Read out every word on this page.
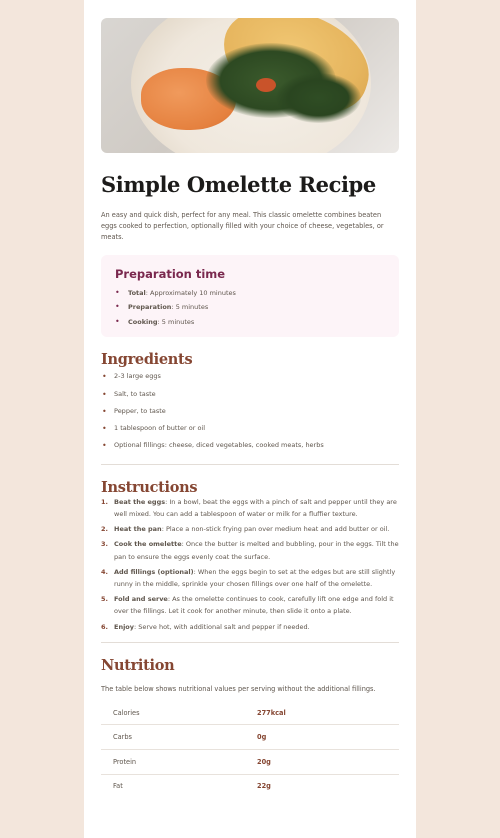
Simple Omelette Recipe

An easy and quick dish, perfect for any meal. This classic omelette combines beaten eggs cooked to perfection, optionally filled with your choice of cheese, vegetables, or meats.

Preparation time
• Total: Approximately 10 minutes
• Preparation: 5 minutes
• Cooking: 5 minutes
Ingredients
• 2-3 large eggs
• Salt, to taste
• Pepper, to taste
• 1 tablespoon of butter or oil
• Optional fillings: cheese, diced vegetables, cooked meats, herbs
Instructions
1. Beat the eggs: In a bowl, beat the eggs with a pinch of salt and pepper until they are well mixed. You can add a tablespoon of water or milk for a fluffier texture.
2. Heat the pan: Place a non-stick frying pan over medium heat and add butter or oil.
3. Cook the omelette: Once the butter is melted and bubbling, pour in the eggs. Tilt the pan to ensure the eggs evenly coat the surface.
4. Add fillings (optional): When the eggs begin to set at the edges but are still slightly runny in the middle, sprinkle your chosen fillings over one half of the omelette.
5. Fold and serve: As the omelette continues to cook, carefully lift one edge and fold it over the fillings. Let it cook for another minute, then slide it onto a plate.
6. Enjoy: Serve hot, with additional salt and pepper if needed.
Nutrition

The table below shows nutritional values per serving without the additional fillings.

Calories	277kcal
Carbs	0g
Protein	20g
Fat	22g
